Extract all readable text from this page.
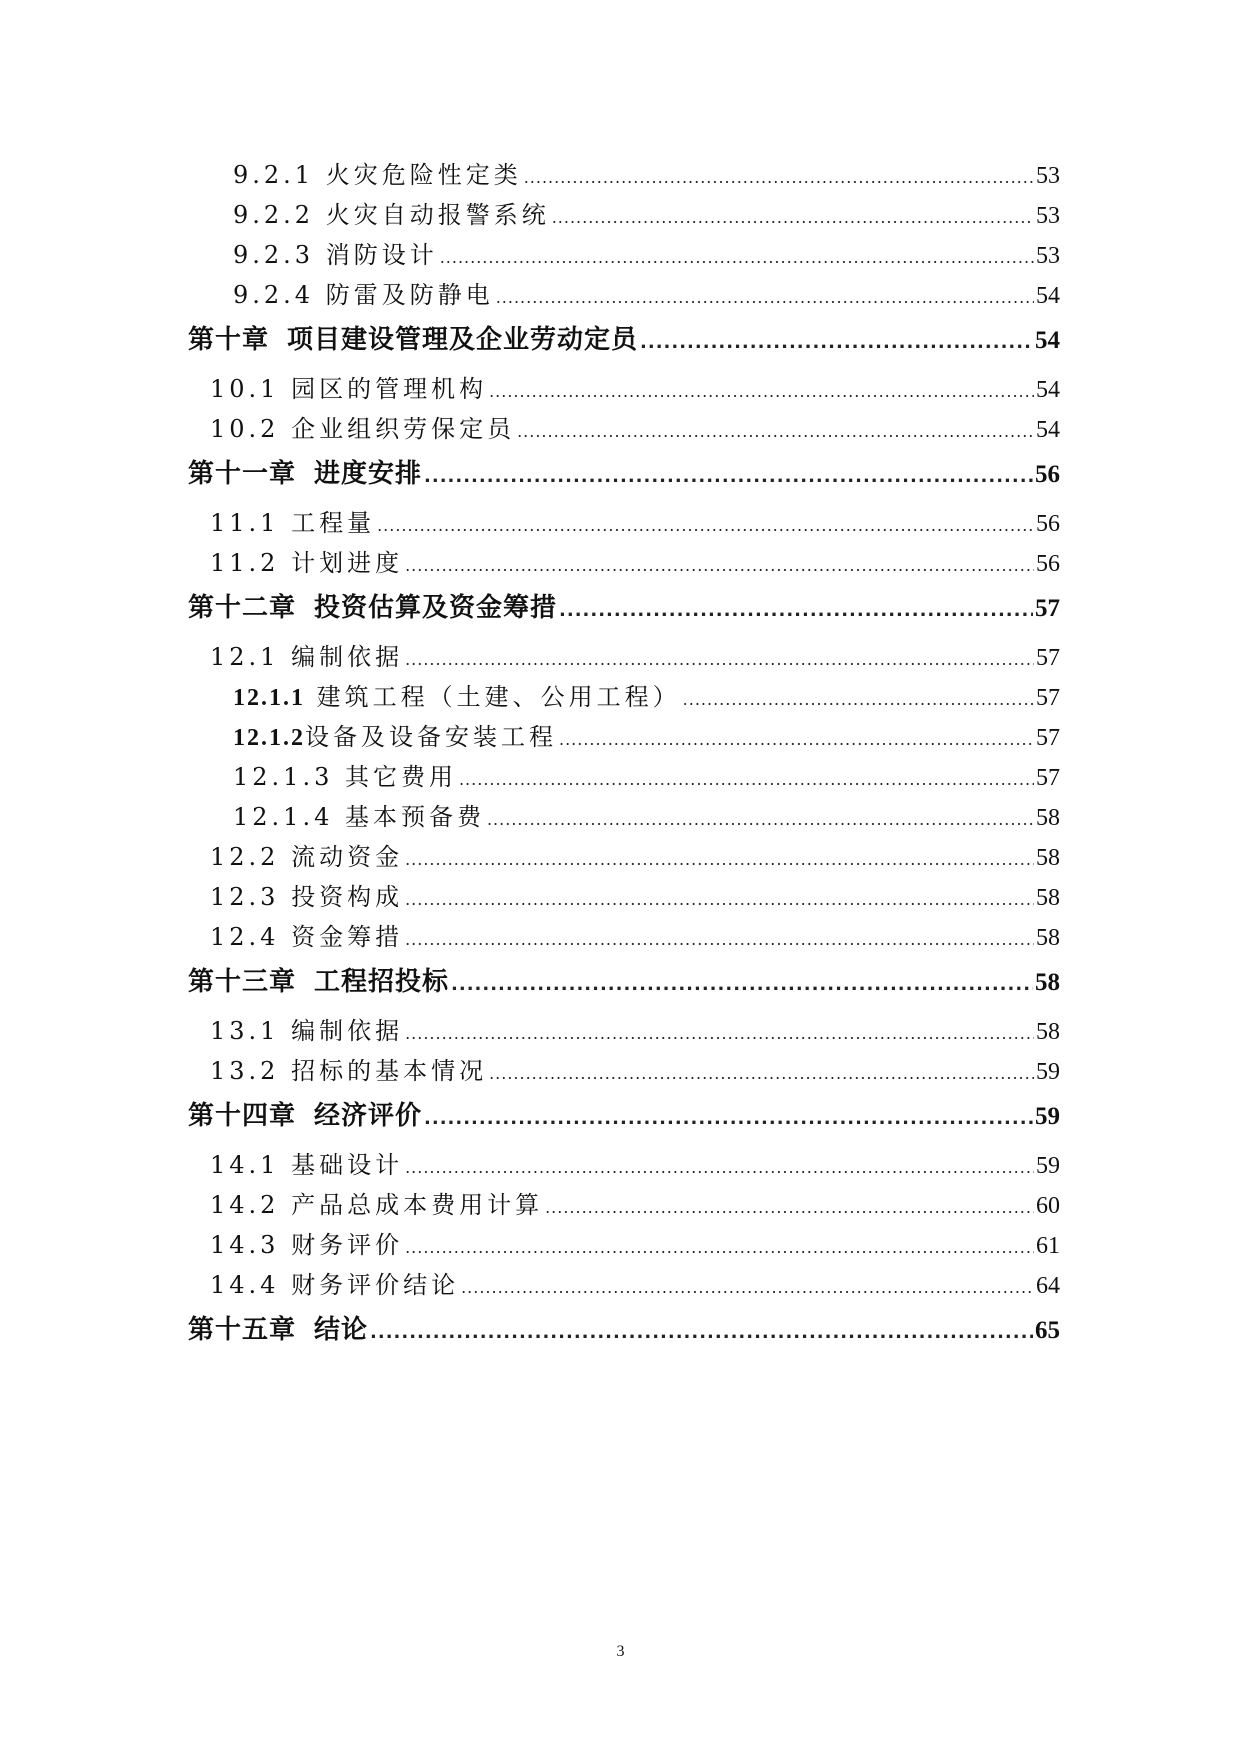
9.2.1 火灾危险性定类 .....	53
9.2.2 火灾自动报警系统 .....	53
9.2.3 消防设计 .....	53
9.2.4 防雷及防静电 .....	54
第十章 项目建设管理及企业劳动定员 .....	54
10.1 园区的管理机构 .....	54
10.2 企业组织劳保定员 .....	54
第十一章 进度安排 .....	56
11.1 工程量 .....	56
11.2 计划进度 .....	56
第十二章 投资估算及资金筹措 .....	57
12.1 编制依据 .....	57
12.1.1 建筑工程（土建、公用工程） .....	57
12.1.2设备及设备安装工程 .....	57
12.1.3 其它费用 .....	57
12.1.4 基本预备费 .....	58
12.2 流动资金 .....	58
12.3 投资构成 .....	58
12.4 资金筹措 .....	58
第十三章 工程招投标 .....	58
13.1 编制依据 .....	58
13.2 招标的基本情况 .....	59
第十四章 经济评价 .....	59
14.1 基础设计 .....	59
14.2 产品总成本费用计算 .....	60
14.3 财务评价 .....	61
14.4 财务评价结论 .....	64
第十五章 结论 .....	65
3
